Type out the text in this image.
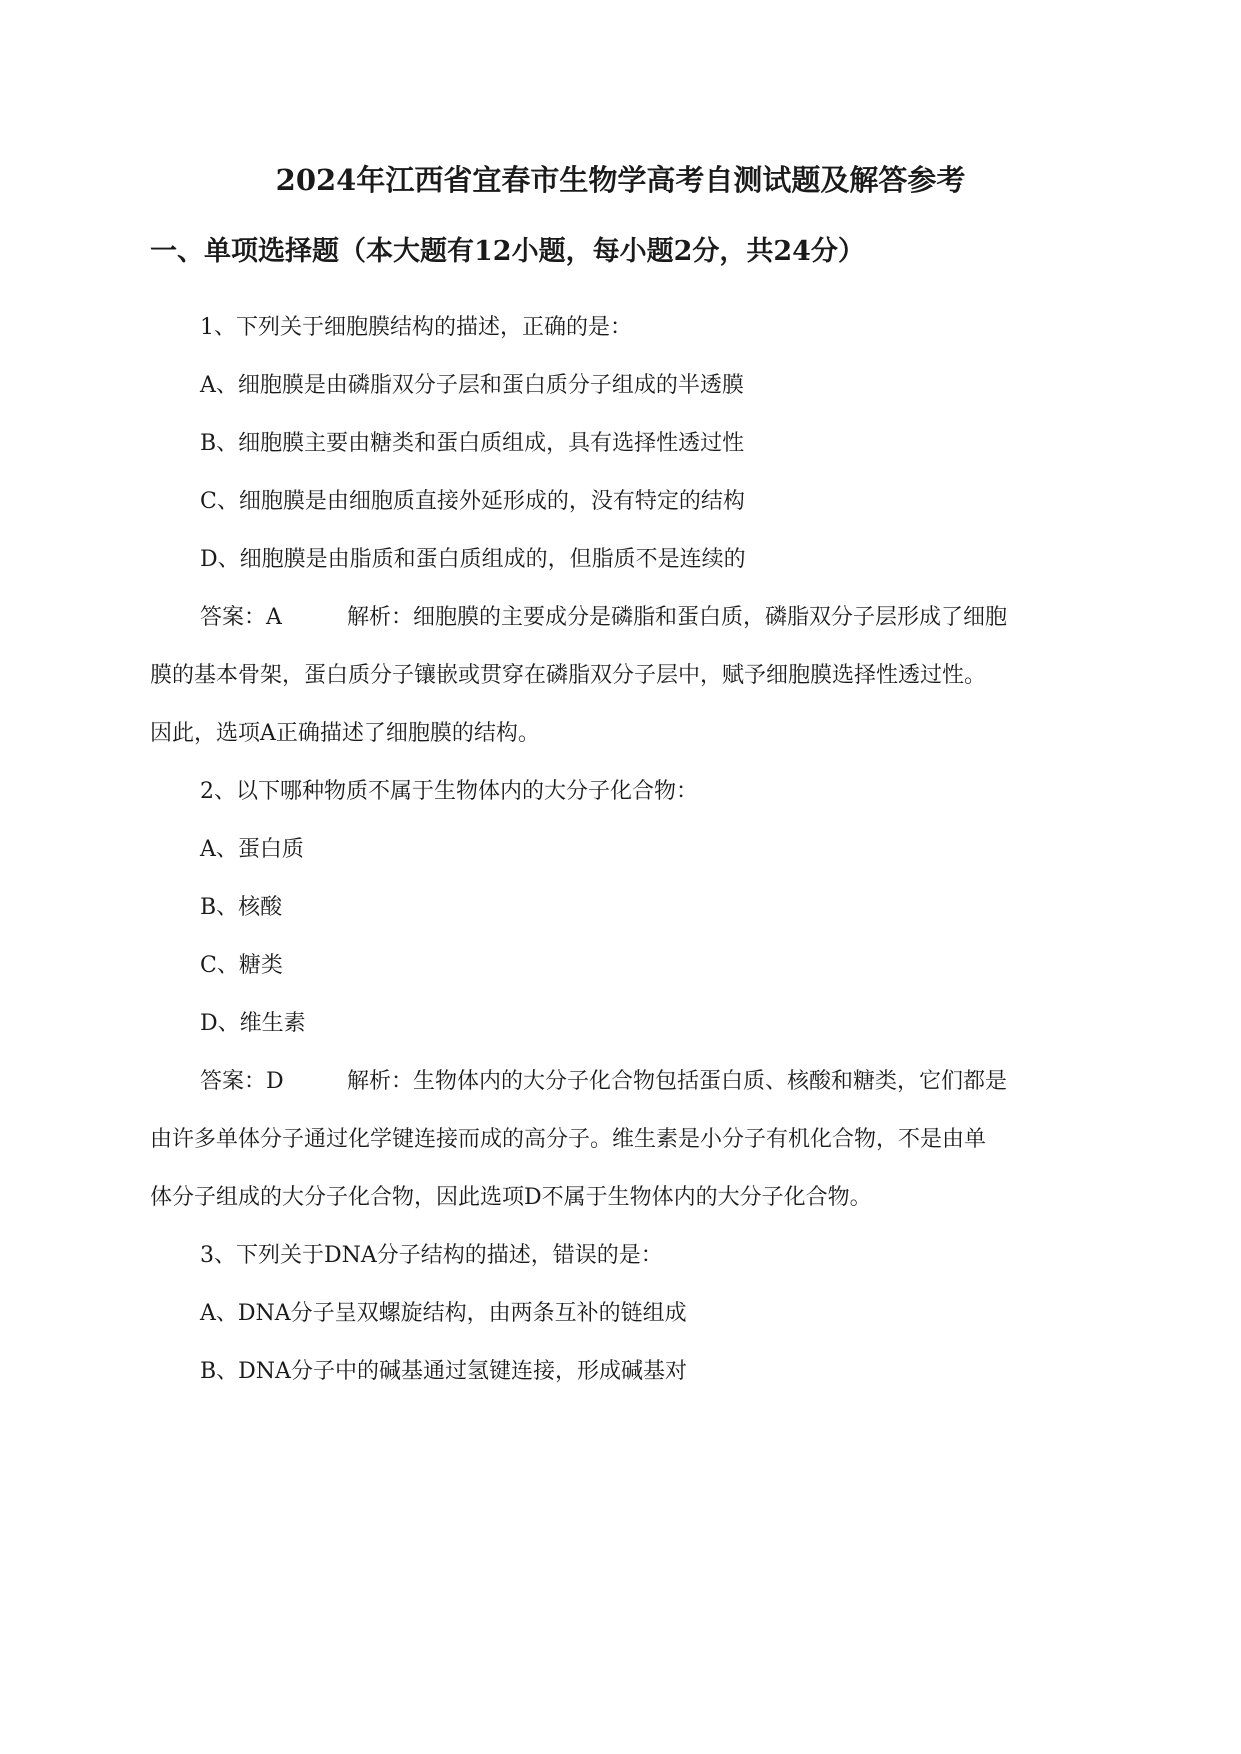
2024年江西省宜春市生物学高考自测试题及解答参考
一、单项选择题（本大题有12小题，每小题2分，共24分）
1、下列关于细胞膜结构的描述，正确的是：
A、细胞膜是由磷脂双分子层和蛋白质分子组成的半透膜
B、细胞膜主要由糖类和蛋白质组成，具有选择性透过性
C、细胞膜是由细胞质直接外延形成的，没有特定的结构
D、细胞膜是由脂质和蛋白质组成的，但脂质不是连续的
答案：A	解析：细胞膜的主要成分是磷脂和蛋白质，磷脂双分子层形成了细胞
膜的基本骨架，蛋白质分子镶嵌或贯穿在磷脂双分子层中，赋予细胞膜选择性透过性。
因此，选项A正确描述了细胞膜的结构。
2、以下哪种物质不属于生物体内的大分子化合物：
A、蛋白质
B、核酸
C、糖类
D、维生素
答案：D	解析：生物体内的大分子化合物包括蛋白质、核酸和糖类，它们都是
由许多单体分子通过化学键连接而成的高分子。维生素是小分子有机化合物，不是由单
体分子组成的大分子化合物，因此选项D不属于生物体内的大分子化合物。
3、下列关于DNA分子结构的描述，错误的是：
A、DNA分子呈双螺旋结构，由两条互补的链组成
B、DNA分子中的碱基通过氢键连接，形成碱基对
